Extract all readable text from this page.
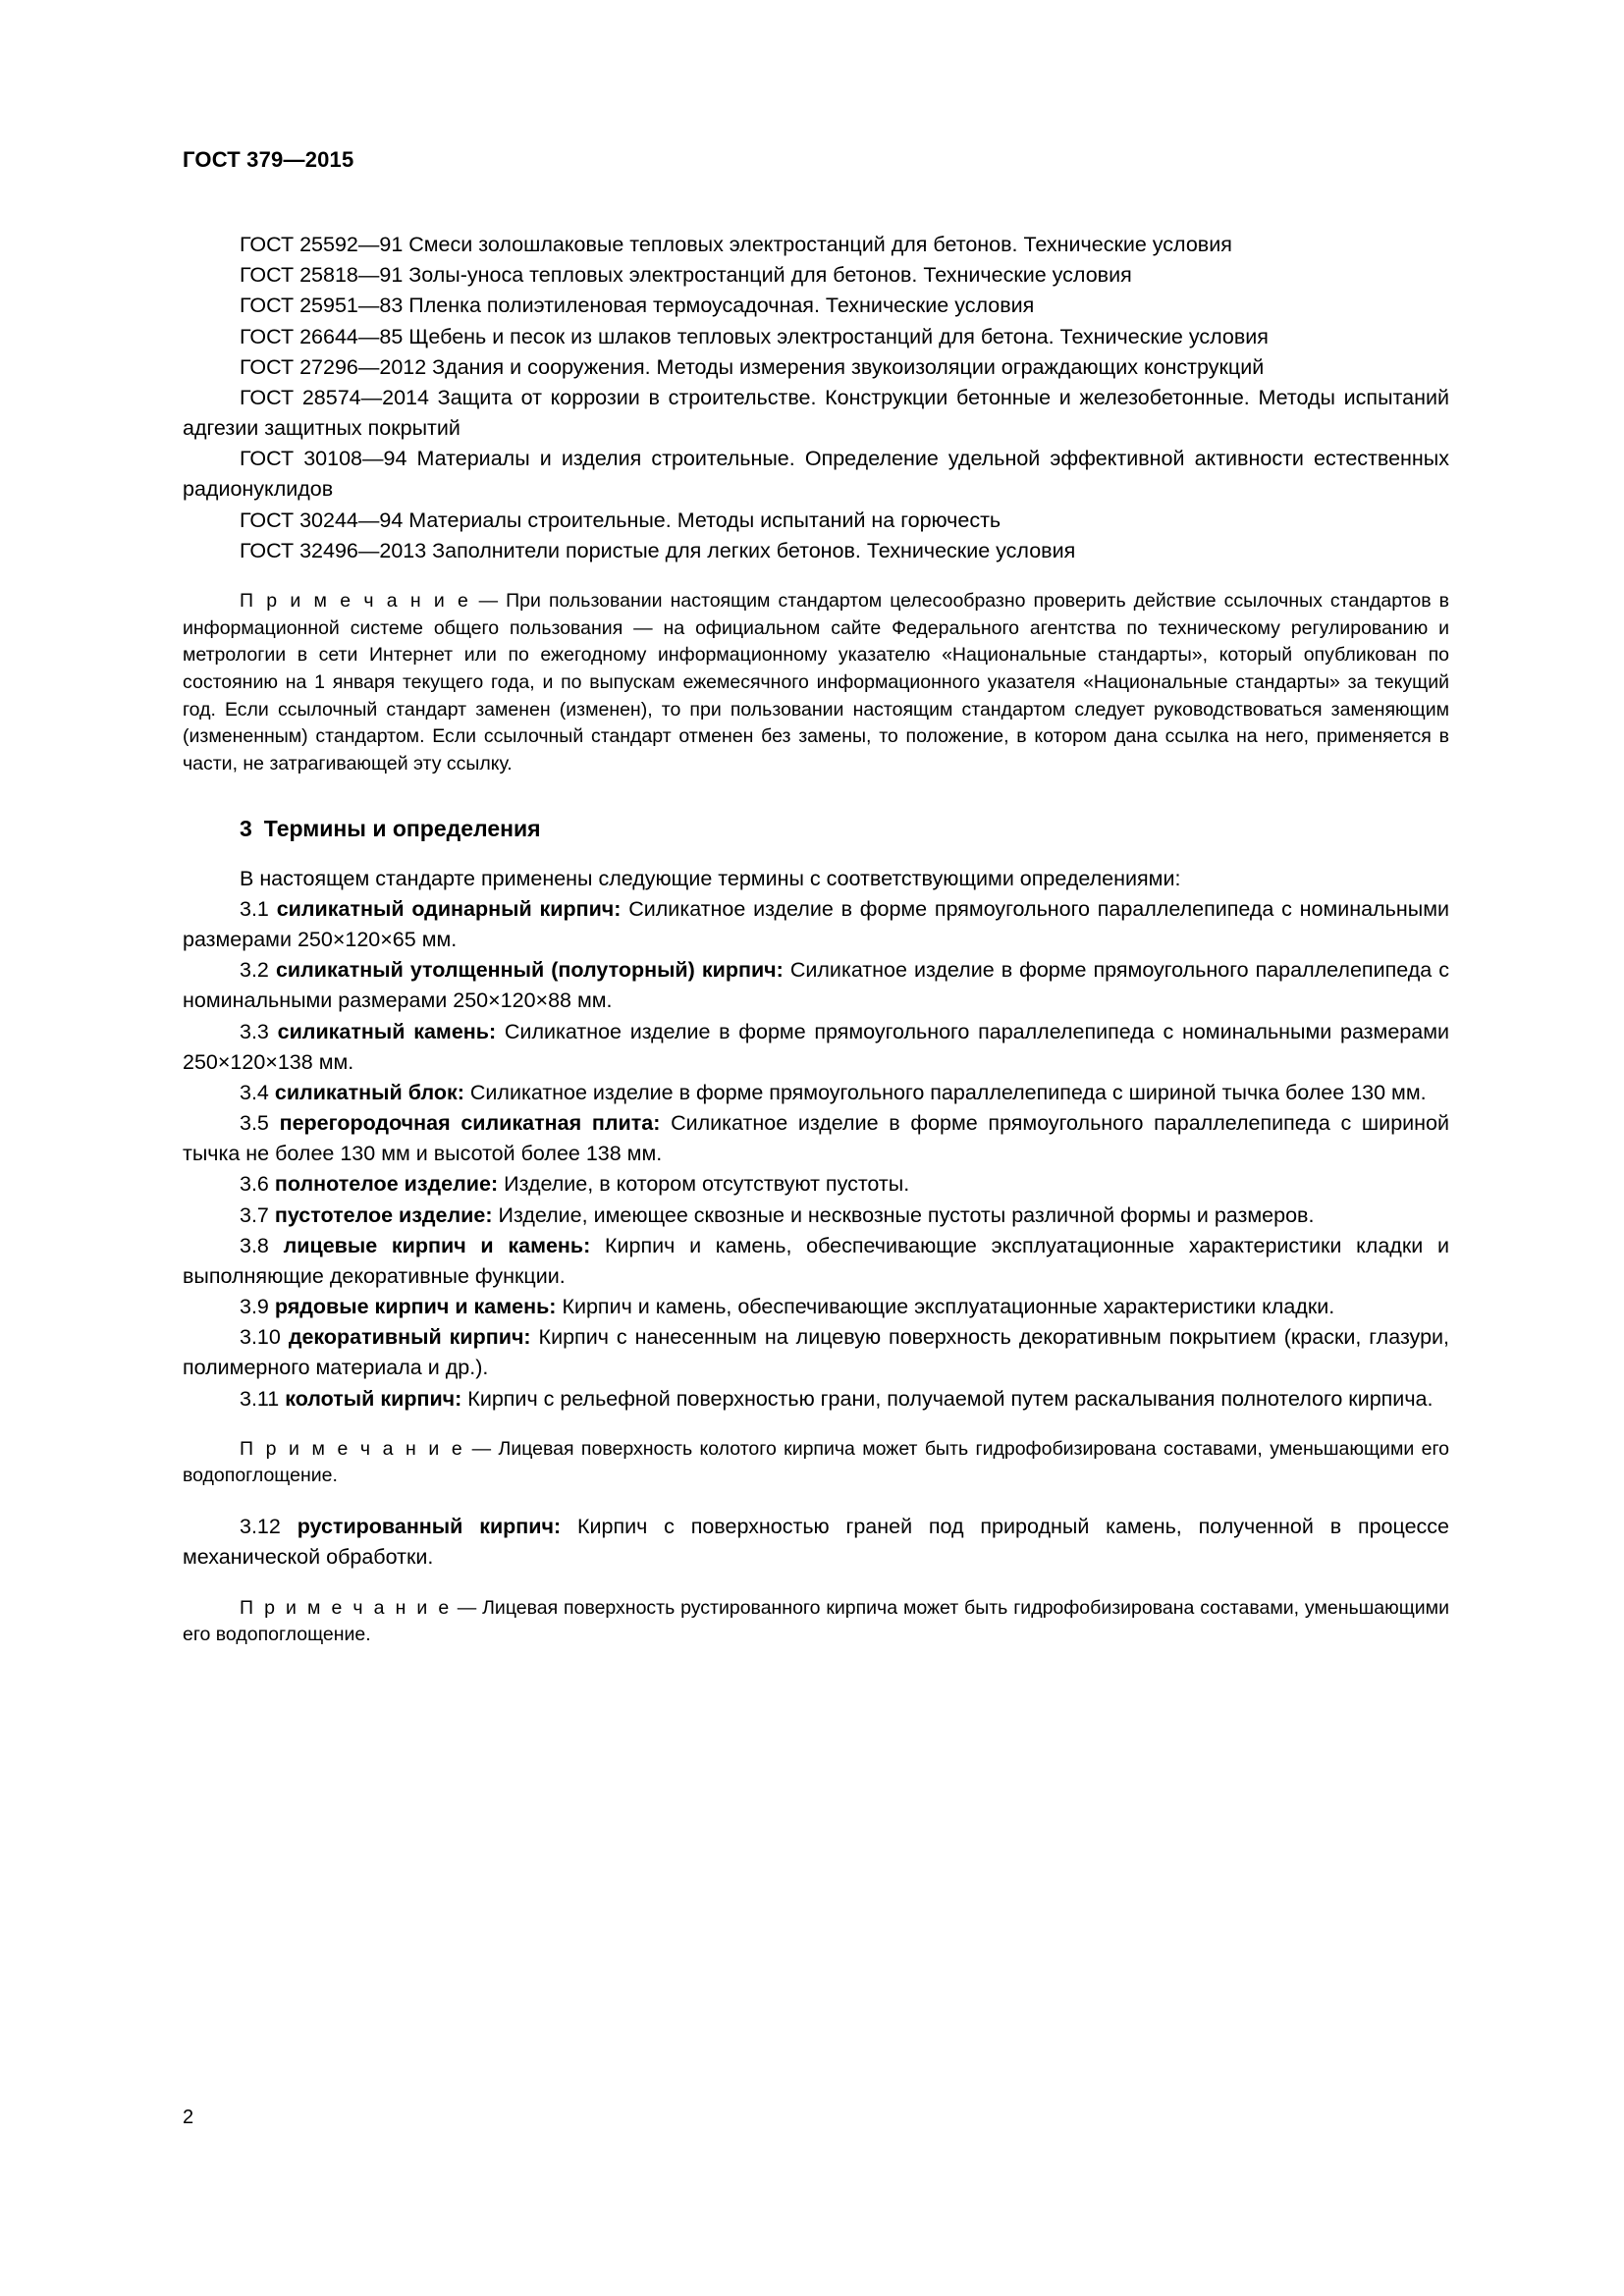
ГОСТ 379—2015

ГОСТ 25592—91 Смеси золошлаковые тепловых электростанций для бетонов. Технические условия

ГОСТ 25818—91 Золы-уноса тепловых электростанций для бетонов. Технические условия

ГОСТ 25951—83 Пленка полиэтиленовая термоусадочная. Технические условия

ГОСТ 26644—85 Щебень и песок из шлаков тепловых электростанций для бетона. Технические условия

ГОСТ 27296—2012 Здания и сооружения. Методы измерения звукоизоляции ограждающих конструкций

ГОСТ 28574—2014 Защита от коррозии в строительстве. Конструкции бетонные и железобетонные. Методы испытаний адгезии защитных покрытий

ГОСТ 30108—94 Материалы и изделия строительные. Определение удельной эффективной активности естественных радионуклидов

ГОСТ 30244—94 Материалы строительные. Методы испытаний на горючесть

ГОСТ 32496—2013 Заполнители пористые для легких бетонов. Технические условия

П р и м е ч а н и е — При пользовании настоящим стандартом целесообразно проверить действие ссылочных стандартов в информационной системе общего пользования — на официальном сайте Федерального агентства по техническому регулированию и метрологии в сети Интернет или по ежегодному информационному указателю «Национальные стандарты», который опубликован по состоянию на 1 января текущего года, и по выпускам ежемесячного информационного указателя «Национальные стандарты» за текущий год. Если ссылочный стандарт заменен (изменен), то при пользовании настоящим стандартом следует руководствоваться заменяющим (измененным) стандартом. Если ссылочный стандарт отменен без замены, то положение, в котором дана ссылка на него, применяется в части, не затрагивающей эту ссылку.

3 Термины и определения

В настоящем стандарте применены следующие термины с соответствующими определениями:

3.1 силикатный одинарный кирпич: Силикатное изделие в форме прямоугольного параллелепипеда с номинальными размерами 250×120×65 мм.

3.2 силикатный утолщенный (полуторный) кирпич: Силикатное изделие в форме прямоугольного параллелепипеда с номинальными размерами 250×120×88 мм.

3.3 силикатный камень: Силикатное изделие в форме прямоугольного параллелепипеда с номинальными размерами 250×120×138 мм.

3.4 силикатный блок: Силикатное изделие в форме прямоугольного параллелепипеда с шириной тычка более 130 мм.

3.5 перегородочная силикатная плита: Силикатное изделие в форме прямоугольного параллелепипеда с шириной тычка не более 130 мм и высотой более 138 мм.

3.6 полнотелое изделие: Изделие, в котором отсутствуют пустоты.

3.7 пустотелое изделие: Изделие, имеющее сквозные и несквозные пустоты различной формы и размеров.

3.8 лицевые кирпич и камень: Кирпич и камень, обеспечивающие эксплуатационные характеристики кладки и выполняющие декоративные функции.

3.9 рядовые кирпич и камень: Кирпич и камень, обеспечивающие эксплуатационные характеристики кладки.

3.10 декоративный кирпич: Кирпич с нанесенным на лицевую поверхность декоративным покрытием (краски, глазури, полимерного материала и др.).

3.11 колотый кирпич: Кирпич с рельефной поверхностью грани, получаемой путем раскалывания полнотелого кирпича.

П р и м е ч а н и е — Лицевая поверхность колотого кирпича может быть гидрофобизирована составами, уменьшающими его водопоглощение.

3.12 рустированный кирпич: Кирпич с поверхностью граней под природный камень, полученной в процессе механической обработки.

П р и м е ч а н и е — Лицевая поверхность рустированного кирпича может быть гидрофобизирована составами, уменьшающими его водопоглощение.

2
